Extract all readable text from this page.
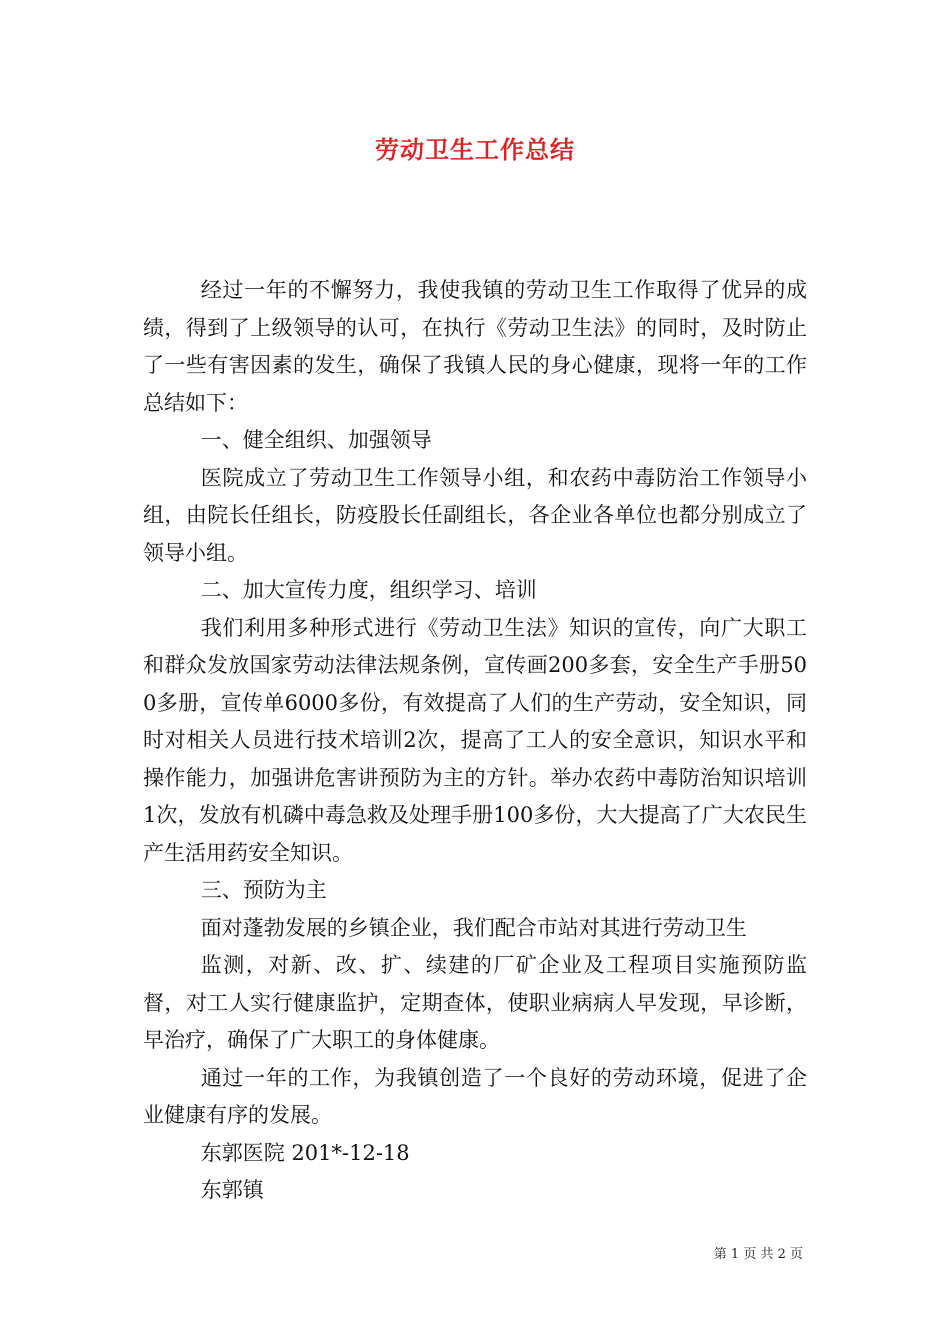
劳动卫生工作总结

经过一年的不懈努力，我使我镇的劳动卫生工作取得了优异的成绩，得到了上级领导的认可，在执行《劳动卫生法》的同时，及时防止了一些有害因素的发生，确保了我镇人民的身心健康，现将一年的工作总结如下：

一、健全组织、加强领导

医院成立了劳动卫生工作领导小组，和农药中毒防治工作领导小组，由院长任组长，防疫股长任副组长，各企业各单位也都分别成立了领导小组。

二、加大宣传力度，组织学习、培训

我们利用多种形式进行《劳动卫生法》知识的宣传，向广大职工和群众发放国家劳动法律法规条例，宣传画200多套，安全生产手册500多册，宣传单6000多份，有效提高了人们的生产劳动，安全知识，同时对相关人员进行技术培训2次，提高了工人的安全意识，知识水平和操作能力，加强讲危害讲预防为主的方针。举办农药中毒防治知识培训1次，发放有机磷中毒急救及处理手册100多份，大大提高了广大农民生产生活用药安全知识。

三、预防为主

面对蓬勃发展的乡镇企业，我们配合市站对其进行劳动卫生

监测，对新、改、扩、续建的厂矿企业及工程项目实施预防监督，对工人实行健康监护，定期查体，使职业病病人早发现，早诊断，早治疗，确保了广大职工的身体健康。

通过一年的工作，为我镇创造了一个良好的劳动环境，促进了企业健康有序的发展。

东郭医院 201*-12-18

东郭镇

第 1 页 共 2 页
